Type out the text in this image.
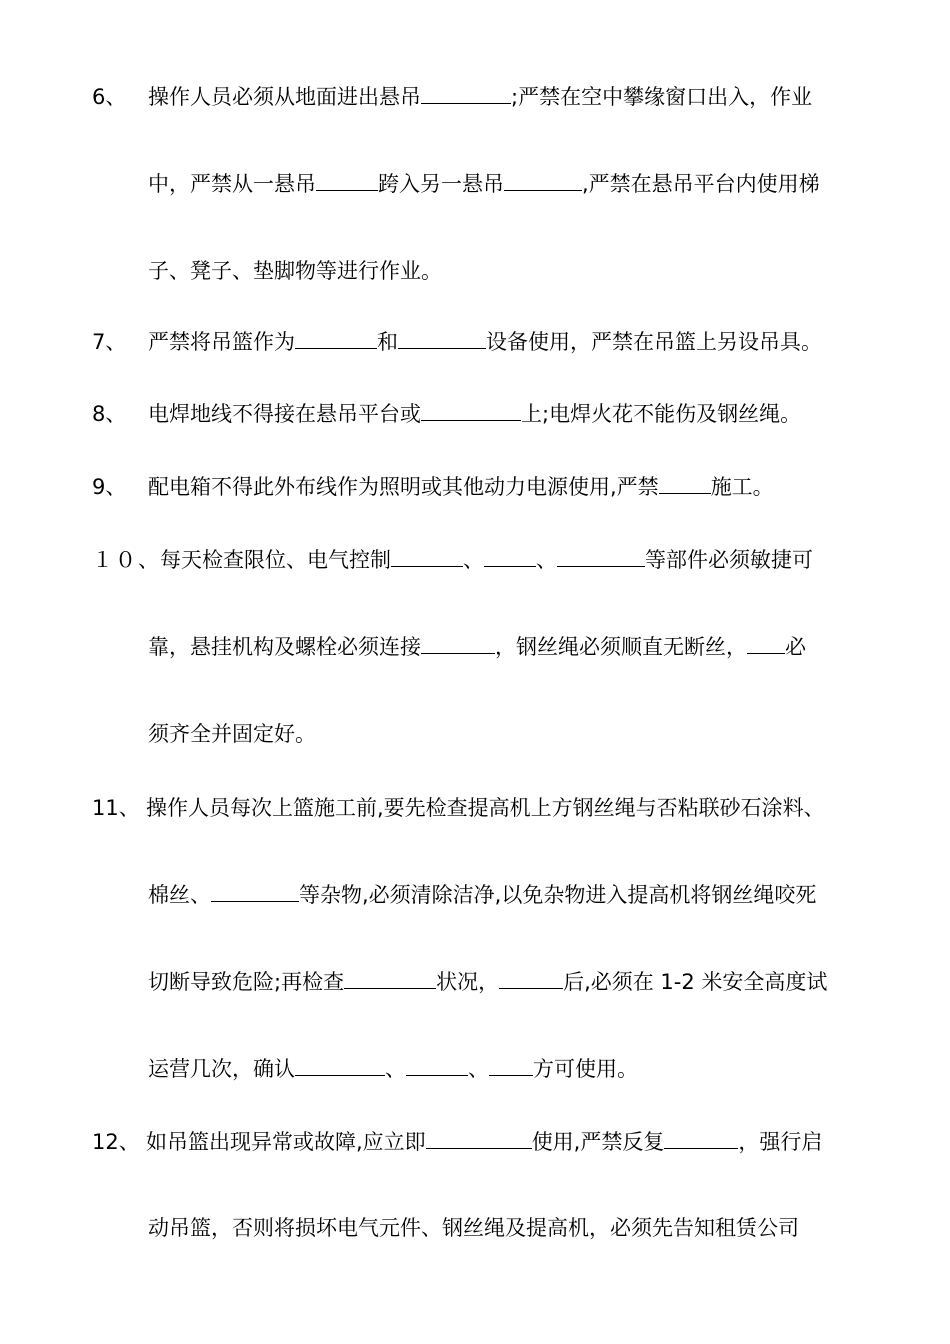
6、 操作人员必须从地面进出悬吊	;严禁在空中攀缘窗口出入，作业
中，严禁从一悬吊	跨入另一悬吊	,严禁在悬吊平台内使用梯
子、凳子、垫脚物等进行作业。
7、 严禁将吊篮作为	和	设备使用，严禁在吊篮上另设吊具。
8、 电焊地线不得接在悬吊平台或	上;电焊火花不能伤及钢丝绳。
9、 配电箱不得此外布线作为照明或其他动力电源使用,严禁 施工。
１０、 每天检查限位、电气控制	、 、	等部件必须敏捷可
靠，悬挂机构及螺栓必须连接	，钢丝绳必须顺直无断丝， 必
须齐全并固定好。
11、 操作人员每次上篮施工前,要先检查提高机上方钢丝绳与否粘联砂石涂料、
棉丝、	等杂物,必须清除洁净,以免杂物进入提高机将钢丝绳咬死
切断导致危险;再检查	状况，	后,必须在 1-2 米安全高度试
运营几次，确认	、	、 方可使用。
12、 如吊篮出现异常或故障,应立即	使用,严禁反复	，强行启
动吊篮，否则将损坏电气元件、钢丝绳及提高机，必须先告知租赁公司
